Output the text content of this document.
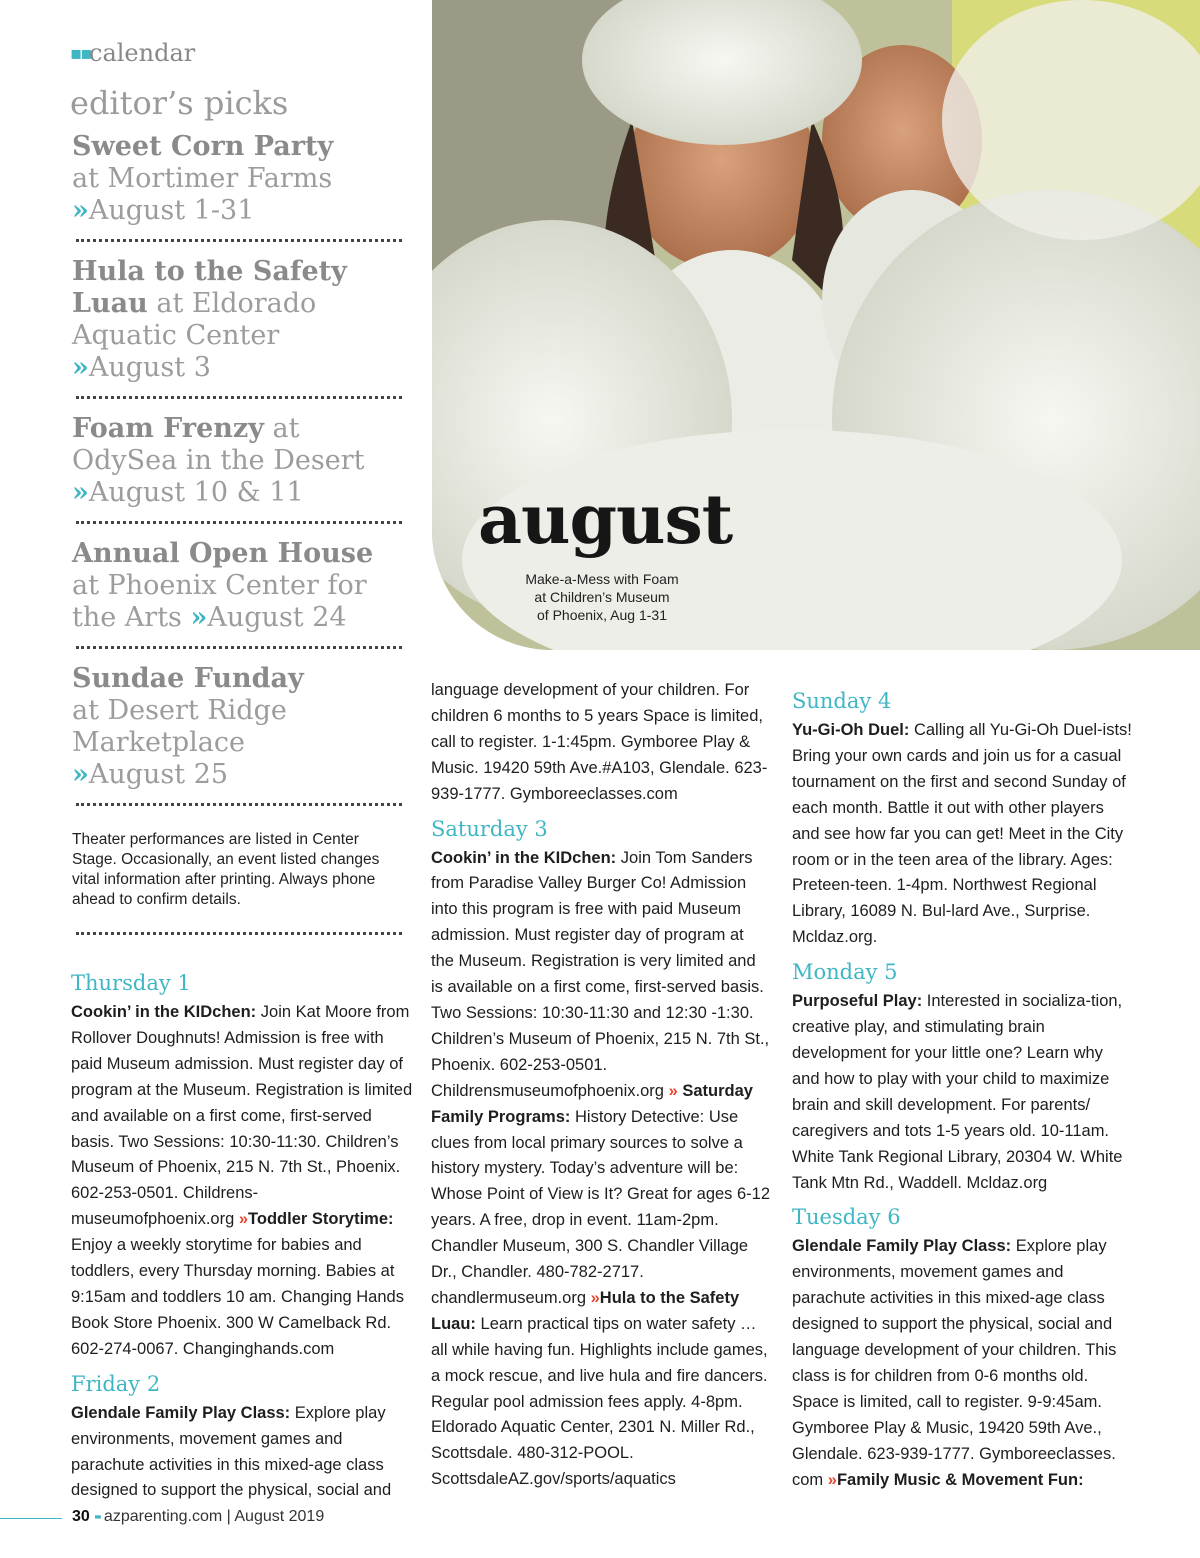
▪▪calendar
editor’s picks
Sweet Corn Party
at Mortimer Farms
»August 1-31
Hula to the Safety
Luau at Eldorado
Aquatic Center
»August 3
Foam Frenzy at
OdySea in the Desert
»August 10 & 11
Annual Open House
at Phoenix Center for
the Arts »August 24
Sundae Funday
at Desert Ridge
Marketplace
»August 25
Theater performances are listed in Center Stage. Occasionally, an event listed changes vital information after printing. Always phone ahead to confirm details.
august
Make-a-Mess with Foam
at Children’s Museum
of Phoenix, Aug 1-31
Thursday 1

Cookin’ in the KIDchen: Join Kat Moore from Rollover Doughnuts! Admission is free with paid Museum admission. Must register day of program at the Museum. Registration is limited and available on a first come, first-served basis. Two Sessions: 10:30-11:30. Children’s Museum of Phoenix, 215 N. 7th St., Phoenix. 602-253-0501. Childrens-museumofphoenix.org »Toddler Storytime: Enjoy a weekly storytime for babies and toddlers, every Thursday morning. Babies at 9:15am and toddlers 10 am. Changing Hands Book Store Phoenix. 300 W Camelback Rd. 602-274-0067. Changinghands.com

Friday 2

Glendale Family Play Class: Explore play environments, movement games and parachute activities in this mixed-age class designed to support the physical, social and

language development of your children. For children 6 months to 5 years Space is limited, call to register. 1-1:45pm. Gymboree Play & Music. 19420 59th Ave.#A103, Glendale. 623-939-1777. Gymboreeclasses.com

Saturday 3

Cookin’ in the KIDchen: Join Tom Sanders from Paradise Valley Burger Co! Admission into this program is free with paid Museum admission. Must register day of program at the Museum. Registration is very limited and is available on a first come, first-served basis. Two Sessions: 10:30-11:30 and 12:30 -1:30. Children’s Museum of Phoenix, 215 N. 7th St., Phoenix. 602-253-0501. Childrensmuseumofphoenix.org » Saturday Family Programs: History Detective: Use clues from local primary sources to solve a history mystery. Today’s adventure will be: Whose Point of View is It? Great for ages 6-12 years. A free, drop in event. 11am-2pm. Chandler Museum, 300 S. Chandler Village Dr., Chandler. 480-782-2717. chandlermuseum.org »Hula to the Safety Luau: Learn practical tips on water safety … all while having fun. Highlights include games, a mock rescue, and live hula and fire dancers. Regular pool admission fees apply. 4-8pm. Eldorado Aquatic Center, 2301 N. Miller Rd., Scottsdale. 480-312-POOL. ScottsdaleAZ.gov/sports/aquatics

Sunday 4

Yu-Gi-Oh Duel: Calling all Yu-Gi-Oh Duel-ists! Bring your own cards and join us for a casual tournament on the first and second Sunday of each month. Battle it out with other players and see how far you can get! Meet in the City room or in the teen area of the library. Ages: Preteen-teen. 1-4pm. Northwest Regional Library, 16089 N. Bul-lard Ave., Surprise. Mcldaz.org.

Monday 5

Purposeful Play: Interested in socializa-tion, creative play, and stimulating brain development for your little one? Learn why and how to play with your child to maximize brain and skill development. For parents/ caregivers and tots 1-5 years old. 10-11am. White Tank Regional Library, 20304 W. White Tank Mtn Rd., Waddell. Mcldaz.org

Tuesday 6

Glendale Family Play Class: Explore play environments, movement games and parachute activities in this mixed-age class designed to support the physical, social and language development of your children. This class is for children from 0-6 months old. Space is limited, call to register. 9-9:45am. Gymboree Play & Music, 19420 59th Ave., Glendale. 623-939-1777. Gymboreeclasses. com »Family Music & Movement Fun:

30 ▪▪ azparenting.com | August 2019
